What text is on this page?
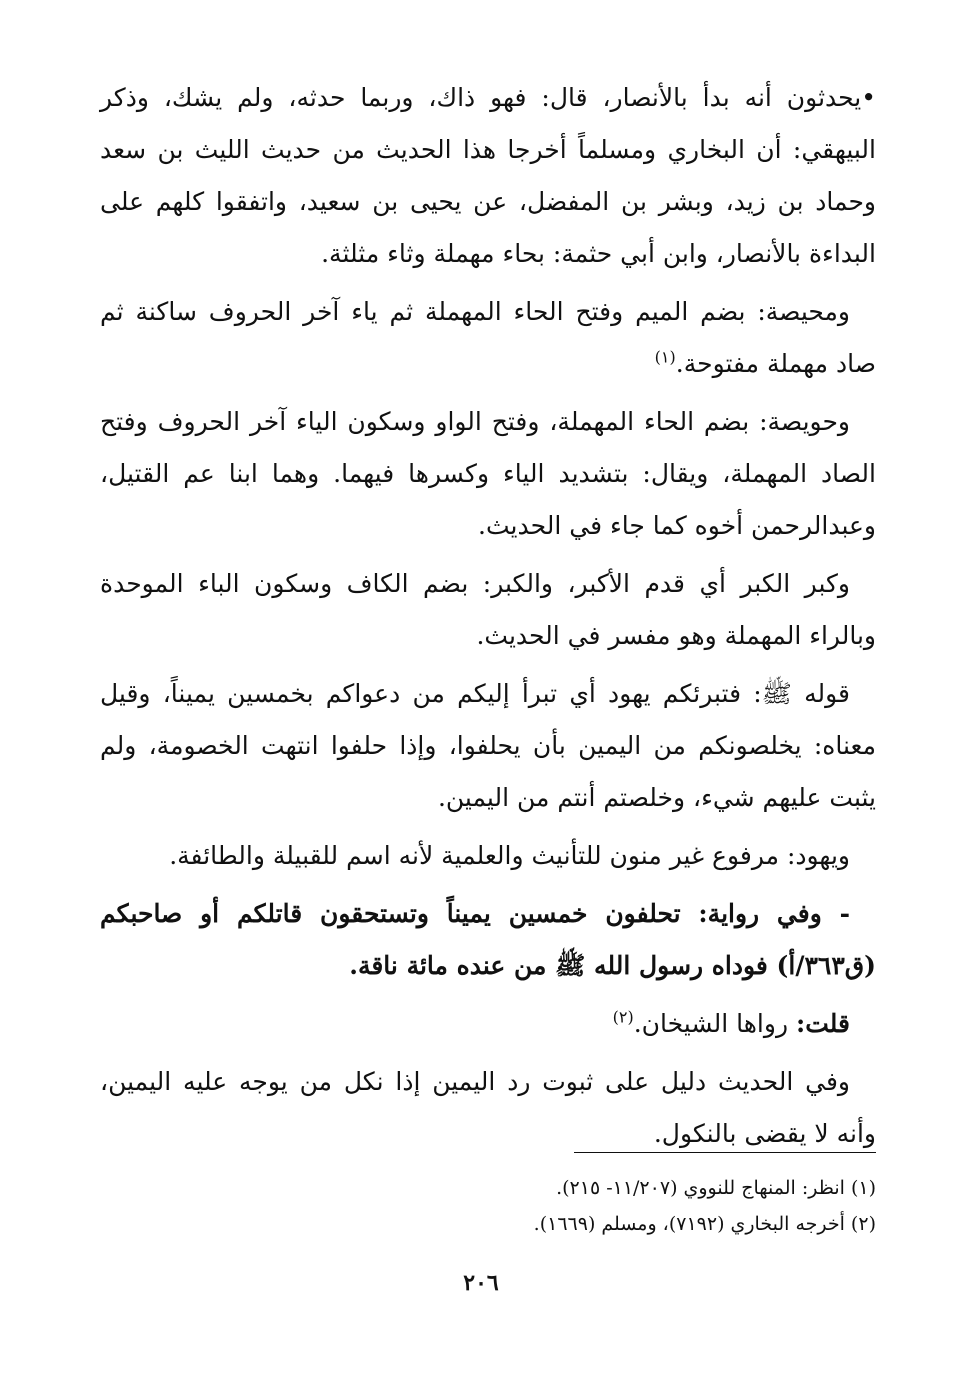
•يحدثون أنه بدأ بالأنصار، قال: فهو ذاك، وربما حدثه، ولم يشك، وذكر البيهقي: أن البخاري ومسلماً أخرجا هذا الحديث من حديث الليث بن سعد وحماد بن زيد، وبشر بن المفضل، عن يحيى بن سعيد، واتفقوا كلهم على البداءة بالأنصار، وابن أبي حثمة: بحاء مهملة وثاء مثلثة.

ومحيصة: بضم الميم وفتح الحاء المهملة ثم ياء آخر الحروف ساكنة ثم صاد مهملة مفتوحة.$^{(١)}$

وحويصة: بضم الحاء المهملة، وفتح الواو وسكون الياء آخر الحروف وفتح الصاد المهملة، ويقال: بتشديد الياء وكسرها فيهما. وهما ابنا عم القتيل، وعبدالرحمن أخوه كما جاء في الحديث.

وكبر الكبر أي قدم الأكبر، والكبر: بضم الكاف وسكون الباء الموحدة وبالراء المهملة وهو مفسر في الحديث.

قوله ﷺ: فتبرئكم يهود أي تبرأ إليكم من دعواكم بخمسين يميناً، وقيل معناه: يخلصونكم من اليمين بأن يحلفوا، وإذا حلفوا انتهت الخصومة، ولم يثبت عليهم شيء، وخلصتم أنتم من اليمين.

ويهود: مرفوع غير منون للتأنيث والعلمية لأنه اسم للقبيلة والطائفة.

- وفي رواية: تحلفون خمسين يميناً وتستحقون قاتلكم أو صاحبكم (ق٣٦٣/أ) فوداه رسول الله ﷺ من عنده مائة ناقة.

قلت: رواها الشيخان.$^{(٢)}$

وفي الحديث دليل على ثبوت رد اليمين إذا نكل من يوجه عليه اليمين، وأنه لا يقضى بالنكول.

(١) انظر: المنهاج للنووي (١١/٢٠٧- ٢١٥).

(٢) أخرجه البخاري (٧١٩٢)، ومسلم (١٦٦٩).

٢٠٦
